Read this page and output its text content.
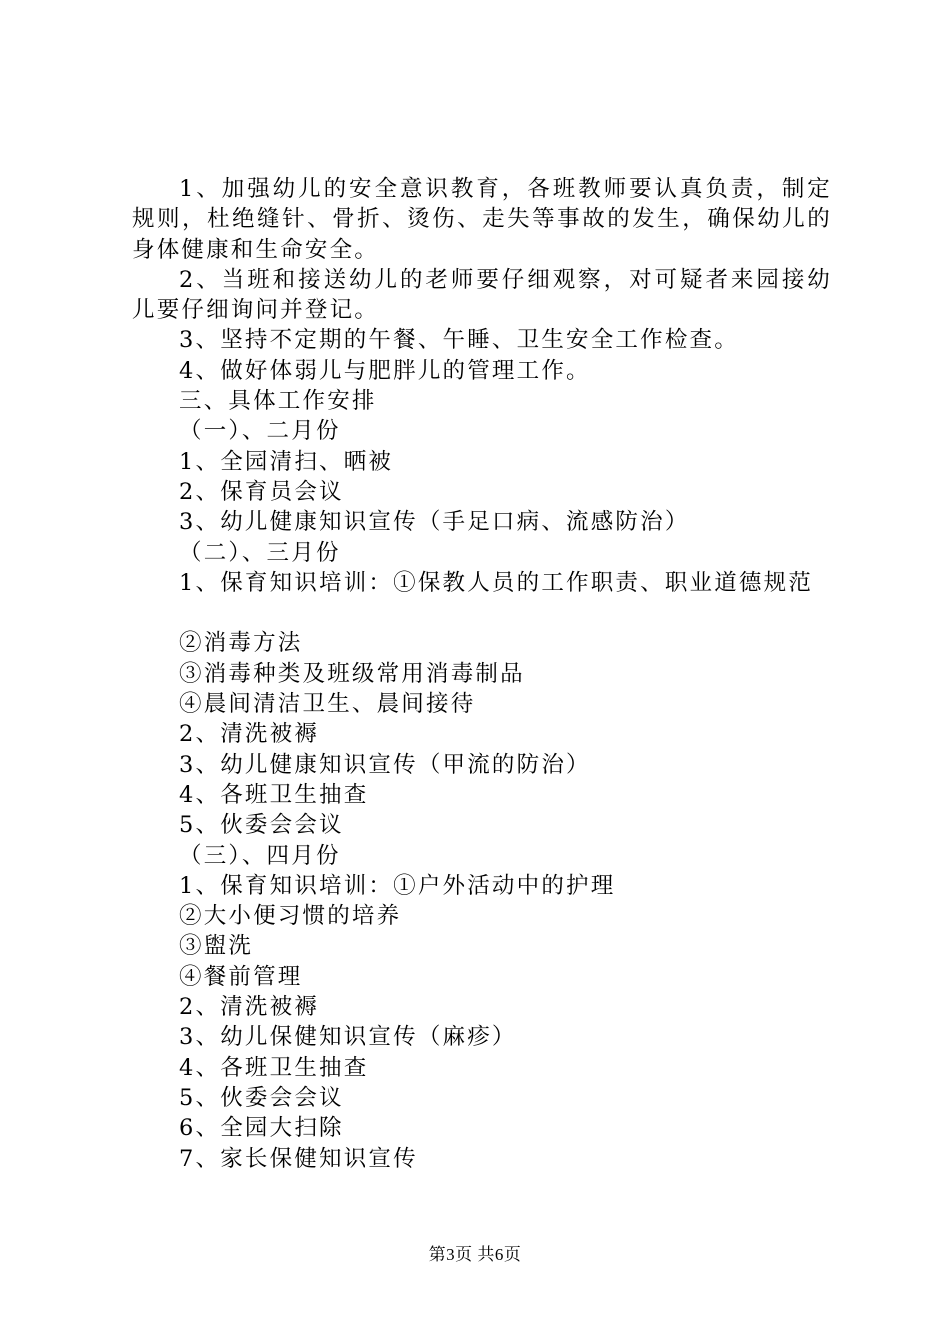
1、加强幼儿的安全意识教育，各班教师要认真负责，制定规则，杜绝缝针、骨折、烫伤、走失等事故的发生，确保幼儿的身体健康和生命安全。

2、当班和接送幼儿的老师要仔细观察，对可疑者来园接幼儿要仔细询问并登记。

3、坚持不定期的午餐、午睡、卫生安全工作检查。

4、做好体弱儿与肥胖儿的管理工作。

三、具体工作安排

（一）、二月份

1、全园清扫、晒被

2、保育员会议

3、幼儿健康知识宣传（手足口病、流感防治）

（二）、三月份

1、保育知识培训：①保教人员的工作职责、职业道德规范

②消毒方法

③消毒种类及班级常用消毒制品

④晨间清洁卫生、晨间接待

2、清洗被褥

3、幼儿健康知识宣传（甲流的防治）

4、各班卫生抽查

5、伙委会会议

（三）、四月份

1、保育知识培训：①户外活动中的护理

②大小便习惯的培养

③盥洗

④餐前管理

2、清洗被褥

3、幼儿保健知识宣传（麻疹）

4、各班卫生抽查

5、伙委会会议

6、全园大扫除

7、家长保健知识宣传

第3页 共6页
